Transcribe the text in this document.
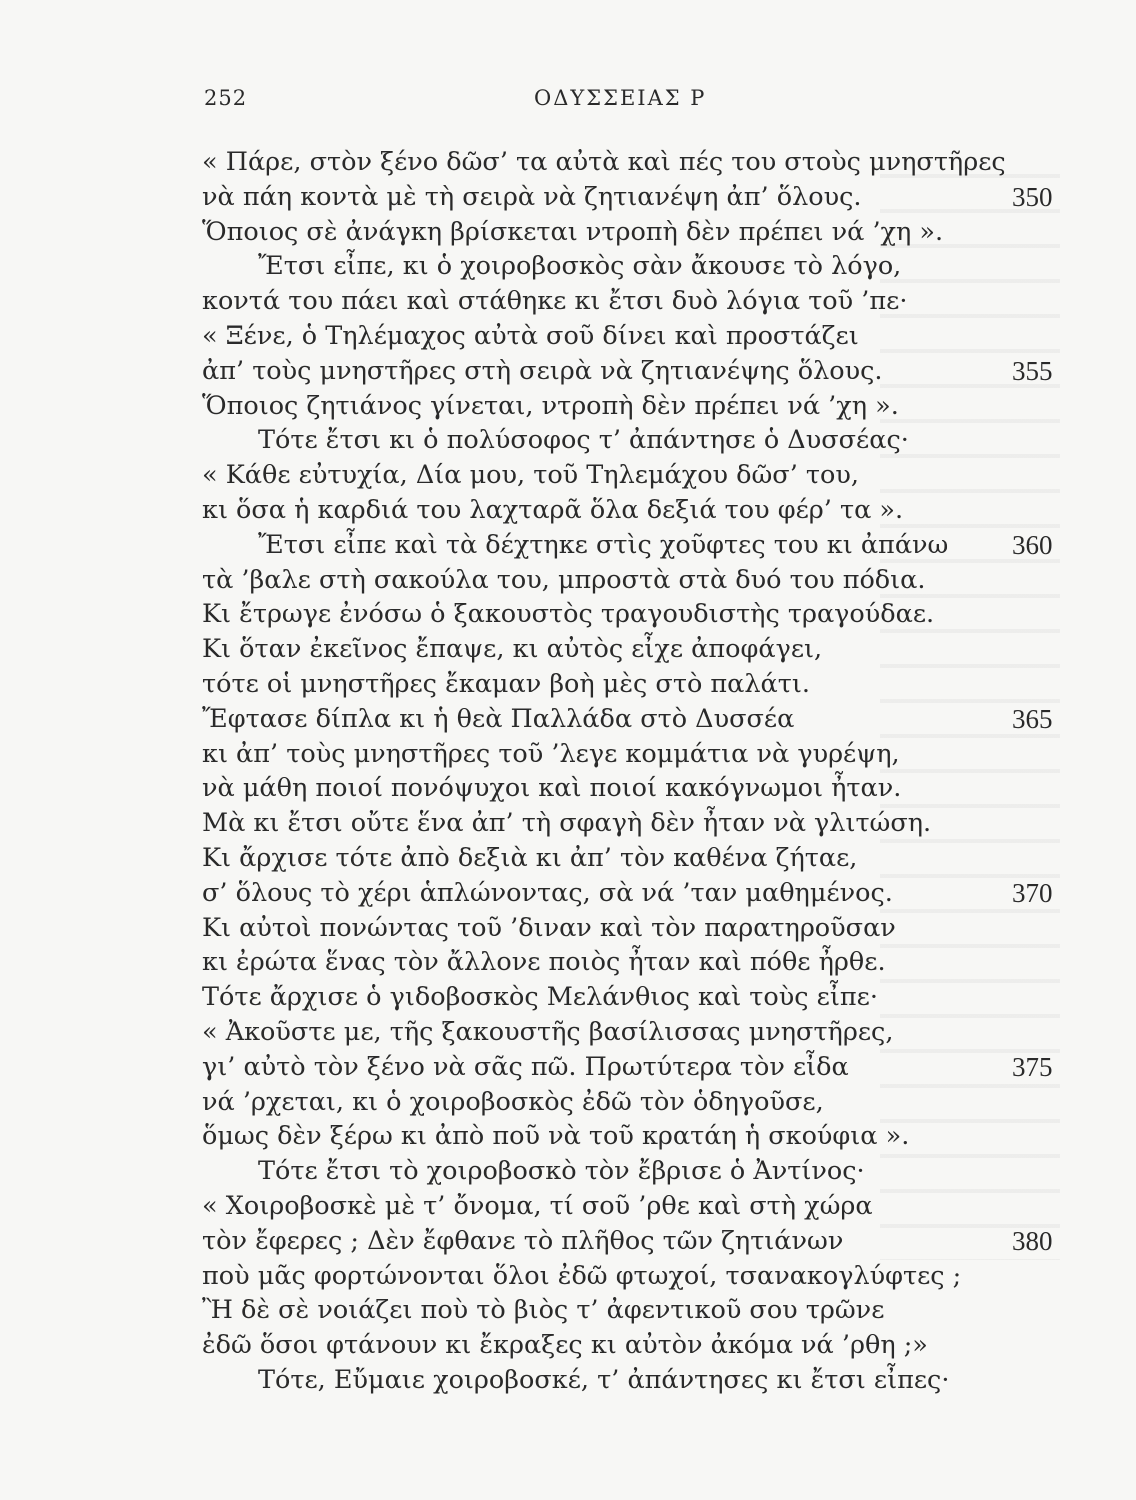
252	ΟΔΥΣΣΕΙΑΣ Ρ
« Πάρε, στὸν ξένο δῶσ’ τα αὐτὰ καὶ πές του στοὺς μνηστῆρες
νὰ πάη κοντὰ μὲ τὴ σειρὰ νὰ ζητιανέψη ἀπ’ ὅλους.	350
Ὅποιος σὲ ἀνάγκη βρίσκεται ντροπὴ δὲν πρέπει νά ’χη ».
Ἔτσι εἶπε, κι ὁ χοιροβοσκὸς σὰν ἄκουσε τὸ λόγο,
κοντά του πάει καὶ στάθηκε κι ἔτσι δυὸ λόγια τοῦ ’πε·
« Ξένε, ὁ Τηλέμαχος αὐτὰ σοῦ δίνει καὶ προστάζει
ἀπ’ τοὺς μνηστῆρες στὴ σειρὰ νὰ ζητιανέψης ὅλους.	355
Ὅποιος ζητιάνος γίνεται, ντροπὴ δὲν πρέπει νά ’χη ».
Τότε ἔτσι κι ὁ πολύσοφος τ’ ἀπάντησε ὁ Δυσσέας·
« Κάθε εὐτυχία, Δία μου, τοῦ Τηλεμάχου δῶσ’ του,
κι ὅσα ἡ καρδιά του λαχταρᾶ ὅλα δεξιά του φέρ’ τα ».
Ἔτσι εἶπε καὶ τὰ δέχτηκε στὶς χοῦφτες του κι ἀπάνω 360
τὰ ’βαλε στὴ σακούλα του, μπροστὰ στὰ δυό του πόδια.
Κι ἔτρωγε ἐνόσω ὁ ξακουστὸς τραγουδιστὴς τραγούδαε.
Κι ὅταν ἐκεῖνος ἔπαψε, κι αὐτὸς εἶχε ἀποφάγει,
τότε οἱ μνηστῆρες ἔκαμαν βοὴ μὲς στὸ παλάτι.
Ἔφτασε δίπλα κι ἡ θεὰ Παλλάδα στὸ Δυσσέα	365
κι ἀπ’ τοὺς μνηστῆρες τοῦ ’λεγε κομμάτια νὰ γυρέψη,
νὰ μάθη ποιοί πονόψυχοι καὶ ποιοί κακόγνωμοι ἦταν.
Μὰ κι ἔτσι οὔτε ἕνα ἀπ’ τὴ σφαγὴ δὲν ἦταν νὰ γλιτώση.
Κι ἄρχισε τότε ἀπὸ δεξιὰ κι ἀπ’ τὸν καθένα ζήταε,
σ’ ὅλους τὸ χέρι ἁπλώνοντας, σὰ νά ’ταν μαθημένος.	370
Κι αὐτοὶ πονώντας τοῦ ’διναν καὶ τὸν παρατηροῦσαν
κι ἐρώτα ἕνας τὸν ἄλλονε ποιὸς ἦταν καὶ πόθε ἦρθε.
Τότε ἄρχισε ὁ γιδοβοσκὸς Μελάνθιος καὶ τοὺς εἶπε·
« Ἀκοῦστε με, τῆς ξακουστῆς βασίλισσας μνηστῆρες,
γι’ αὐτὸ τὸν ξένο νὰ σᾶς πῶ. Πρωτύτερα τὸν εἶδα	375
νά ’ρχεται, κι ὁ χοιροβοσκὸς ἐδῶ τὸν ὁδηγοῦσε,
ὅμως δὲν ξέρω κι ἀπὸ ποῦ νὰ τοῦ κρατάη ἡ σκούφια ».
Τότε ἔτσι τὸ χοιροβοσκὸ τὸν ἔβρισε ὁ Ἀντίνος·
« Χοιροβοσκὲ μὲ τ’ ὄνομα, τί σοῦ ’ρθε καὶ στὴ χώρα
τὸν ἔφερες ; Δὲν ἔφθανε τὸ πλῆθος τῶν ζητιάνων	380
ποὺ μᾶς φορτώνονται ὅλοι ἐδῶ φτωχοί, τσανακογλύφτες ;
Ἢ δὲ σὲ νοιάζει ποὺ τὸ βιὸς τ’ ἀφεντικοῦ σου τρῶνε
ἐδῶ ὅσοι φτάνουν κι ἔκραξες κι αὐτὸν ἀκόμα νά ’ρθη ;»
Τότε, Εὔμαιε χοιροβοσκέ, τ’ ἀπάντησες κι ἔτσι εἶπες·
